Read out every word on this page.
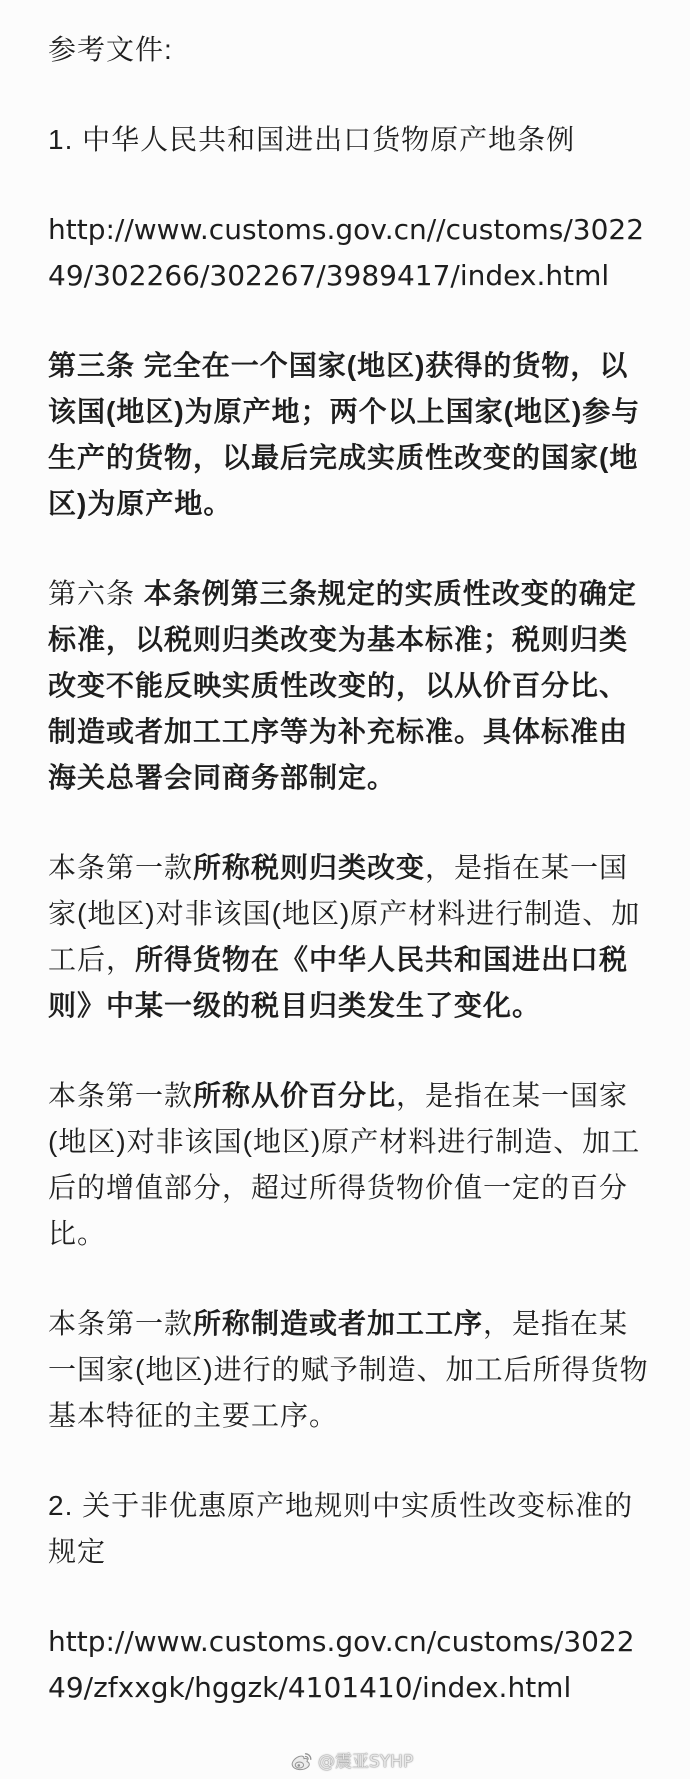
参考文件:

1. 中华人民共和国进出口货物原产地条例

http://www.customs.gov.cn//customs/302249/302266/302267/3989417/index.html

第三条 完全在一个国家(地区)获得的货物，以该国(地区)为原产地；两个以上国家(地区)参与生产的货物，以最后完成实质性改变的国家(地区)为原产地。

第六条 本条例第三条规定的实质性改变的确定标准，以税则归类改变为基本标准；税则归类改变不能反映实质性改变的，以从价百分比、制造或者加工工序等为补充标准。具体标准由海关总署会同商务部制定。

本条第一款所称税则归类改变，是指在某一国家(地区)对非该国(地区)原产材料进行制造、加工后，所得货物在《中华人民共和国进出口税则》中某一级的税目归类发生了变化。

本条第一款所称从价百分比，是指在某一国家(地区)对非该国(地区)原产材料进行制造、加工后的增值部分，超过所得货物价值一定的百分比。

本条第一款所称制造或者加工工序，是指在某一国家(地区)进行的赋予制造、加工后所得货物基本特征的主要工序。

2. 关于非优惠原产地规则中实质性改变标准的规定

http://www.customs.gov.cn/customs/302249/zfxxgk/hggzk/4101410/index.html

@震亚SYHP
